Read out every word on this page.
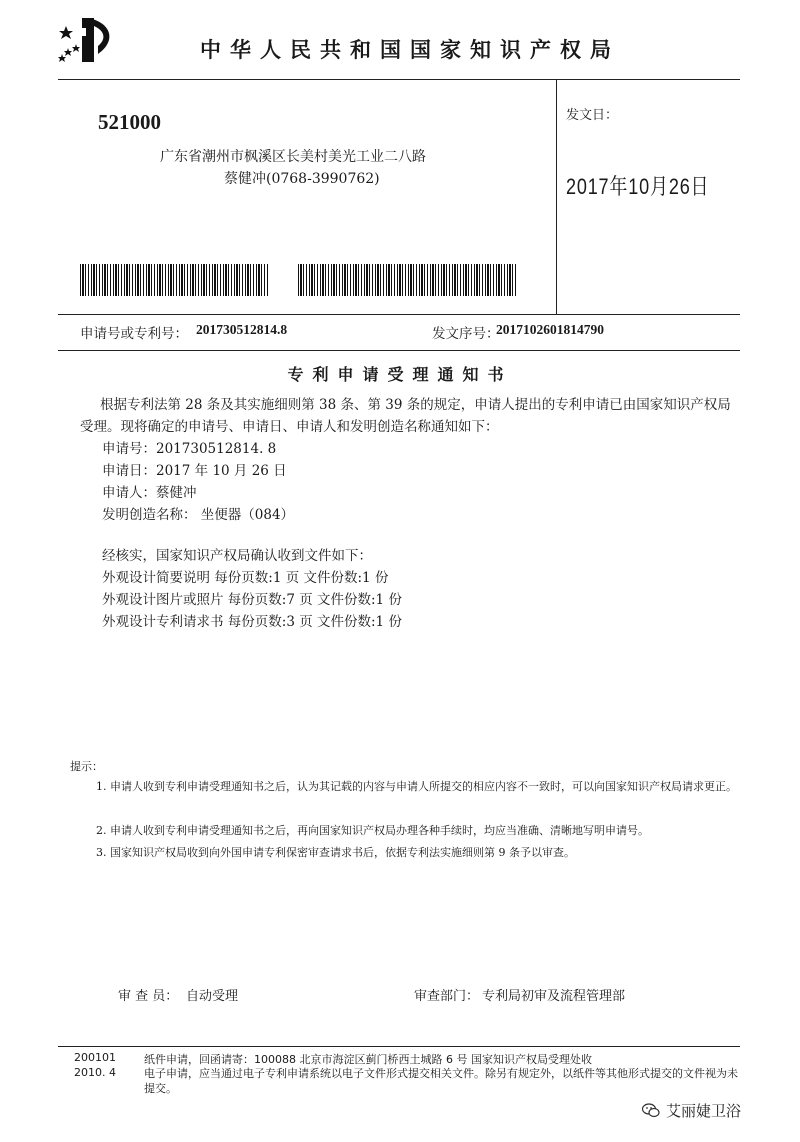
中华人民共和国国家知识产权局
521000
广东省潮州市枫溪区长美村美光工业二八路
蔡健冲(0768-3990762)
发文日：
2017年10月26日
申请号或专利号： 201730512814.8	发文序号：
2017102601814790
专利申请受理通知书
根据专利法第 28 条及其实施细则第 38 条、第 39 条的规定，申请人提出的专利申请已由国家知识产权局受理。现将确定的申请号、申请日、申请人和发明创造名称通知如下：
申请号：201730512814. 8
申请日：2017 年 10 月 26 日
申请人：蔡健冲
发明创造名称： 坐便器（084）
经核实，国家知识产权局确认收到文件如下：
外观设计简要说明 每份页数:1 页 文件份数:1 份
外观设计图片或照片 每份页数:7 页 文件份数:1 份
外观设计专利请求书 每份页数:3 页 文件份数:1 份
提示：
1. 申请人收到专利申请受理通知书之后，认为其记载的内容与申请人所提交的相应内容不一致时，可以向国家知识产权局请求更正。
2. 申请人收到专利申请受理通知书之后，再向国家知识产权局办理各种手续时，均应当准确、清晰地写明申请号。
3. 国家知识产权局收到向外国申请专利保密审查请求书后，依据专利法实施细则第 9 条予以审查。
审 查 员： 自动受理	审查部门： 专利局初审及流程管理部
200101
2010. 4
纸件申请，回函请寄：100088 北京市海淀区蓟门桥西土城路 6 号 国家知识产权局受理处收
电子申请，应当通过电子专利申请系统以电子文件形式提交相关文件。除另有规定外，以纸件等其他形式提交的文件视为未提交。
艾丽婕卫浴
